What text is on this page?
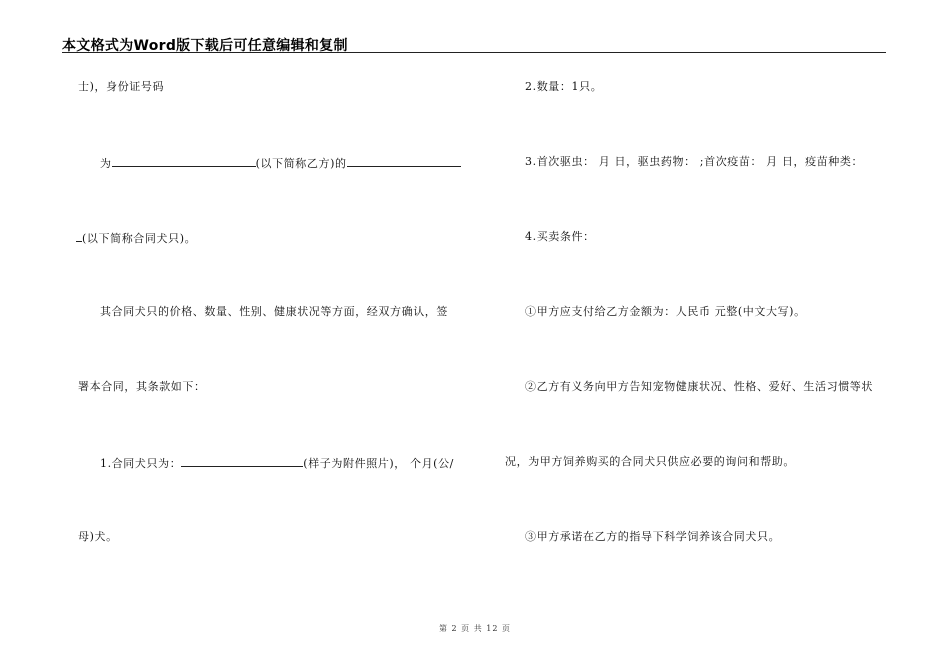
本文格式为Word版下载后可任意编辑和复制
士)，身份证号码
为	(以下简称乙方)的
(以下简称合同犬只)。
其合同犬只的价格、数量、性别、健康状况等方面，经双方确认，签
署本合同，其条款如下：
1.合同犬只为：	(样子为附件照片)， 个月(公/
母)犬。
2.数量：1只。
3.首次驱虫： 月 日，驱虫药物： ;首次疫苗： 月 日，疫苗种类：
4.买卖条件：
①甲方应支付给乙方金额为：人民币 元整(中文大写)。
②乙方有义务向甲方告知宠物健康状况、性格、爱好、生活习惯等状
况，为甲方饲养购买的合同犬只供应必要的询问和帮助。
③甲方承诺在乙方的指导下科学饲养该合同犬只。
第 2 页 共 12 页
